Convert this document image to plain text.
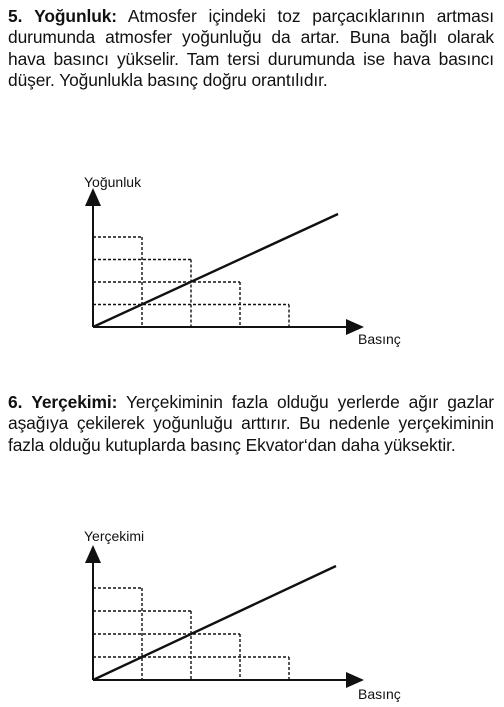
5. Yoğunluk: Atmosfer içindeki toz parçacıklarının artması durumunda atmosfer yoğunluğu da artar. Buna bağlı olarak hava basıncı yükselir. Tam tersi durumunda ise hava basıncı düşer. Yoğunlukla basınç doğru orantılıdır.
Yoğunluk
Basınç
6. Yerçekimi: Yerçekiminin fazla olduğu yerlerde ağır gazlar aşağıya çekilerek yoğunluğu arttırır. Bu nedenle yerçekiminin fazla olduğu kutuplarda basınç Ekvator‘dan daha yüksektir.
Yerçekimi
Basınç
